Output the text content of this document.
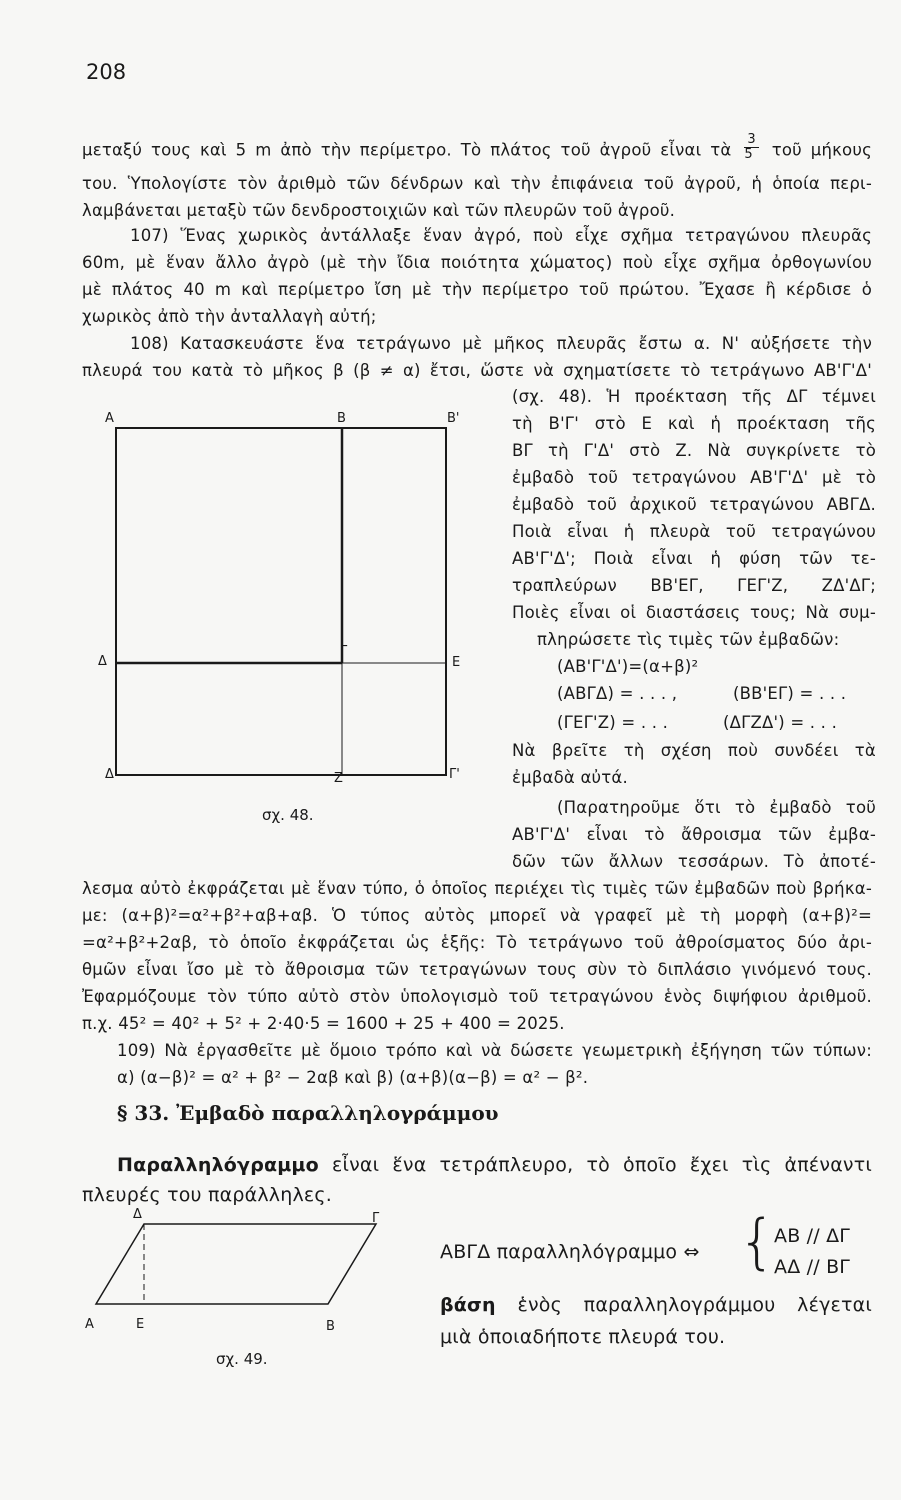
208
μεταξύ τους καὶ 5 m ἀπὸ τὴν περίμετρο. Τὸ πλάτος τοῦ ἀγροῦ εἶναι τὰ $\frac{3}{5}$ τοῦ μήκους
του. Ὑπολογίστε τὸν ἀριθμὸ τῶν δένδρων καὶ τὴν ἐπιφάνεια τοῦ ἀγροῦ, ἡ ὁποία περι-
λαμβάνεται μεταξὺ τῶν δενδροστοιχιῶν καὶ τῶν πλευρῶν τοῦ ἀγροῦ.
107) Ἕνας χωρικὸς ἀντάλλαξε ἕναν ἀγρό, ποὺ εἶχε σχῆμα τετραγώνου πλευρᾶς
60m, μὲ ἕναν ἄλλο ἀγρὸ (μὲ τὴν ἴδια ποιότητα χώματος) ποὺ εἶχε σχῆμα ὀρθογωνίου
μὲ πλάτος 40 m καὶ περίμετρο ἴση μὲ τὴν περίμετρο τοῦ πρώτου. Ἔχασε ἢ κέρδισε ὁ
χωρικὸς ἀπὸ τὴν ἀνταλλαγὴ αὐτή;
108) Κατασκευάστε ἕνα τετράγωνο μὲ μῆκος πλευρᾶς ἔστω α. Ν' αὐξήσετε τὴν
πλευρά του κατὰ τὸ μῆκος β (β ≠ α) ἔτσι, ὥστε νὰ σχηματίσετε τὸ τετράγωνο ΑΒ'Γ'Δ'
(σχ. 48). Ἡ προέκταση τῆς ΔΓ τέμνει
τὴ Β'Γ' στὸ Ε καὶ ἡ προέκταση τῆς
ΒΓ τὴ Γ'Δ' στὸ Ζ. Νὰ συγκρίνετε τὸ
ἐμβαδὸ τοῦ τετραγώνου ΑΒ'Γ'Δ' μὲ τὸ
ἐμβαδὸ τοῦ ἀρχικοῦ τετραγώνου ΑΒΓΔ.
Ποιὰ εἶναι ἡ πλευρὰ τοῦ τετραγώνου
ΑΒ'Γ'Δ'; Ποιὰ εἶναι ἡ φύση τῶν τε-
τραπλεύρων ΒΒ'ΕΓ, ΓΕΓ'Ζ, ΖΔ'ΔΓ;
Ποιὲς εἶναι οἱ διαστάσεις τους; Νὰ συμ-
πληρώσετε τὶς τιμὲς τῶν ἐμβαδῶν:
(ΑΒ'Γ'Δ')=(α+β)²
(ΑΒΓΔ) = . . . ,	(ΒΒ'ΕΓ) = . . .
(ΓΕΓ'Ζ) = . . .	(ΔΓΖΔ') = . . .
Νὰ βρεῖτε τὴ σχέση ποὺ συνδέει τὰ
ἐμβαδὰ αὐτά.
(Παρατηροῦμε ὅτι τὸ ἐμβαδὸ τοῦ
ΑΒ'Γ'Δ' εἶναι τὸ ἄθροισμα τῶν ἐμβα-
δῶν τῶν ἄλλων τεσσάρων. Τὸ ἀποτέ-
λεσμα αὐτὸ ἐκφράζεται μὲ ἕναν τύπο, ὁ ὁποῖος περιέχει τὶς τιμὲς τῶν ἐμβαδῶν ποὺ βρήκα-
με: (α+β)²=α²+β²+αβ+αβ. Ὁ τύπος αὐτὸς μπορεῖ νὰ γραφεῖ μὲ τὴ μορφὴ (α+β)²=
=α²+β²+2αβ, τὸ ὁποῖο ἐκφράζεται ὡς ἑξῆς: Τὸ τετράγωνο τοῦ ἀθροίσματος δύο ἀρι-
θμῶν εἶναι ἴσο μὲ τὸ ἄθροισμα τῶν τετραγώνων τους σὺν τὸ διπλάσιο γινόμενό τους.
Ἐφαρμόζουμε τὸν τύπο αὐτὸ στὸν ὑπολογισμὸ τοῦ τετραγώνου ἑνὸς διψήφιου ἀριθμοῦ.
π.χ. 45² = 40² + 5² + 2·40·5 = 1600 + 25 + 400 = 2025.
109) Νὰ ἐργασθεῖτε μὲ ὅμοιο τρόπο καὶ νὰ δώσετε γεωμετρικὴ ἐξήγηση τῶν τύπων:
α) (α−β)² = α² + β² − 2αβ καὶ β) (α+β)(α−β) = α² − β².
§ 33. Ἐμβαδὸ παραλληλογράμμου
Παραλληλόγραμμο εἶναι ἕνα τετράπλευρο, τὸ ὁποῖο ἔχει τὶς ἀπέναντι
πλευρές του παράλληλες.
ΑΒΓΔ παραλληλόγραμμο ⇔ {
ΑΒ // ΔΓ
ΑΔ // ΒΓ
βάση ἑνὸς παραλληλογράμμου λέγεται
μιὰ ὁποιαδήποτε πλευρά του.
Α	Β	Β'
Δ
Γ
Ε
Δ'	Ζ	Γ'
σχ. 48.
Δ	Γ
Α	Ε	Β
σχ. 49.
